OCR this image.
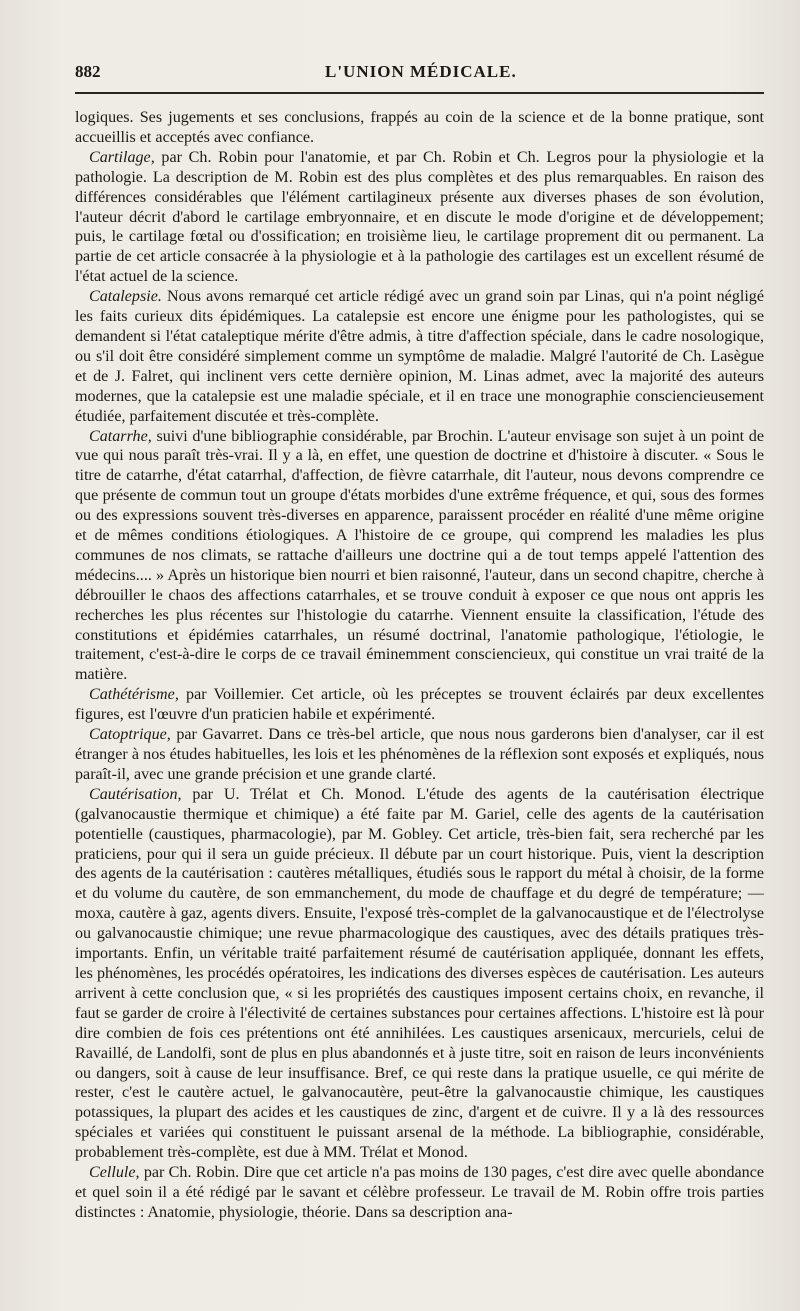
882	L'UNION MÉDICALE.

logiques. Ses jugements et ses conclusions, frappés au coin de la science et de la bonne pratique, sont accueillis et acceptés avec confiance.

Cartilage, par Ch. Robin pour l'anatomie, et par Ch. Robin et Ch. Legros pour la physiologie et la pathologie. La description de M. Robin est des plus complètes et des plus remarquables. En raison des différences considérables que l'élément cartilagineux présente aux diverses phases de son évolution, l'auteur décrit d'abord le cartilage embryonnaire, et en discute le mode d'origine et de développement; puis, le cartilage fœtal ou d'ossification; en troisième lieu, le cartilage proprement dit ou permanent. La partie de cet article consacrée à la physiologie et à la pathologie des cartilages est un excellent résumé de l'état actuel de la science.

Catalepsie. Nous avons remarqué cet article rédigé avec un grand soin par Linas, qui n'a point négligé les faits curieux dits épidémiques. La catalepsie est encore une énigme pour les pathologistes, qui se demandent si l'état cataleptique mérite d'être admis, à titre d'affection spéciale, dans le cadre nosologique, ou s'il doit être considéré simplement comme un symptôme de maladie. Malgré l'autorité de Ch. Lasègue et de J. Falret, qui inclinent vers cette dernière opinion, M. Linas admet, avec la majorité des auteurs modernes, que la catalepsie est une maladie spéciale, et il en trace une monographie consciencieusement étudiée, parfaitement discutée et très-complète.

Catarrhe, suivi d'une bibliographie considérable, par Brochin. L'auteur envisage son sujet à un point de vue qui nous paraît très-vrai. Il y a là, en effet, une question de doctrine et d'histoire à discuter. « Sous le titre de catarrhe, d'état catarrhal, d'affection, de fièvre catarrhale, dit l'auteur, nous devons comprendre ce que présente de commun tout un groupe d'états morbides d'une extrême fréquence, et qui, sous des formes ou des expressions souvent très-diverses en apparence, paraissent procéder en réalité d'une même origine et de mêmes conditions étiologiques. A l'histoire de ce groupe, qui comprend les maladies les plus communes de nos climats, se rattache d'ailleurs une doctrine qui a de tout temps appelé l'attention des médecins.... » Après un historique bien nourri et bien raisonné, l'auteur, dans un second chapitre, cherche à débrouiller le chaos des affections catarrhales, et se trouve conduit à exposer ce que nous ont appris les recherches les plus récentes sur l'histologie du catarrhe. Viennent ensuite la classification, l'étude des constitutions et épidémies catarrhales, un résumé doctrinal, l'anatomie pathologique, l'étiologie, le traitement, c'est-à-dire le corps de ce travail éminemment consciencieux, qui constitue un vrai traité de la matière.

Cathétérisme, par Voillemier. Cet article, où les préceptes se trouvent éclairés par deux excellentes figures, est l'œuvre d'un praticien habile et expérimenté.

Catoptrique, par Gavarret. Dans ce très-bel article, que nous nous garderons bien d'analyser, car il est étranger à nos études habituelles, les lois et les phénomènes de la réflexion sont exposés et expliqués, nous paraît-il, avec une grande précision et une grande clarté.

Cautérisation, par U. Trélat et Ch. Monod. L'étude des agents de la cautérisation électrique (galvanocaustie thermique et chimique) a été faite par M. Gariel, celle des agents de la cautérisation potentielle (caustiques, pharmacologie), par M. Gobley. Cet article, très-bien fait, sera recherché par les praticiens, pour qui il sera un guide précieux. Il débute par un court historique. Puis, vient la description des agents de la cautérisation : cautères métalliques, étudiés sous le rapport du métal à choisir, de la forme et du volume du cautère, de son emmanchement, du mode de chauffage et du degré de température; — moxa, cautère à gaz, agents divers. Ensuite, l'exposé très-complet de la galvanocaustique et de l'électrolyse ou galvanocaustie chimique; une revue pharmacologique des caustiques, avec des détails pratiques très-importants. Enfin, un véritable traité parfaitement résumé de cautérisation appliquée, donnant les effets, les phénomènes, les procédés opératoires, les indications des diverses espèces de cautérisation. Les auteurs arrivent à cette conclusion que, « si les propriétés des caustiques imposent certains choix, en revanche, il faut se garder de croire à l'électivité de certaines substances pour certaines affections. L'histoire est là pour dire combien de fois ces prétentions ont été annihilées. Les caustiques arsenicaux, mercuriels, celui de Ravaillé, de Landolfi, sont de plus en plus abandonnés et à juste titre, soit en raison de leurs inconvénients ou dangers, soit à cause de leur insuffisance. Bref, ce qui reste dans la pratique usuelle, ce qui mérite de rester, c'est le cautère actuel, le galvanocautère, peut-être la galvanocaustie chimique, les caustiques potassiques, la plupart des acides et les caustiques de zinc, d'argent et de cuivre. Il y a là des ressources spéciales et variées qui constituent le puissant arsenal de la méthode. La bibliographie, considérable, probablement très-complète, est due à MM. Trélat et Monod.

Cellule, par Ch. Robin. Dire que cet article n'a pas moins de 130 pages, c'est dire avec quelle abondance et quel soin il a été rédigé par le savant et célèbre professeur. Le travail de M. Robin offre trois parties distinctes : Anatomie, physiologie, théorie. Dans sa description ana-
